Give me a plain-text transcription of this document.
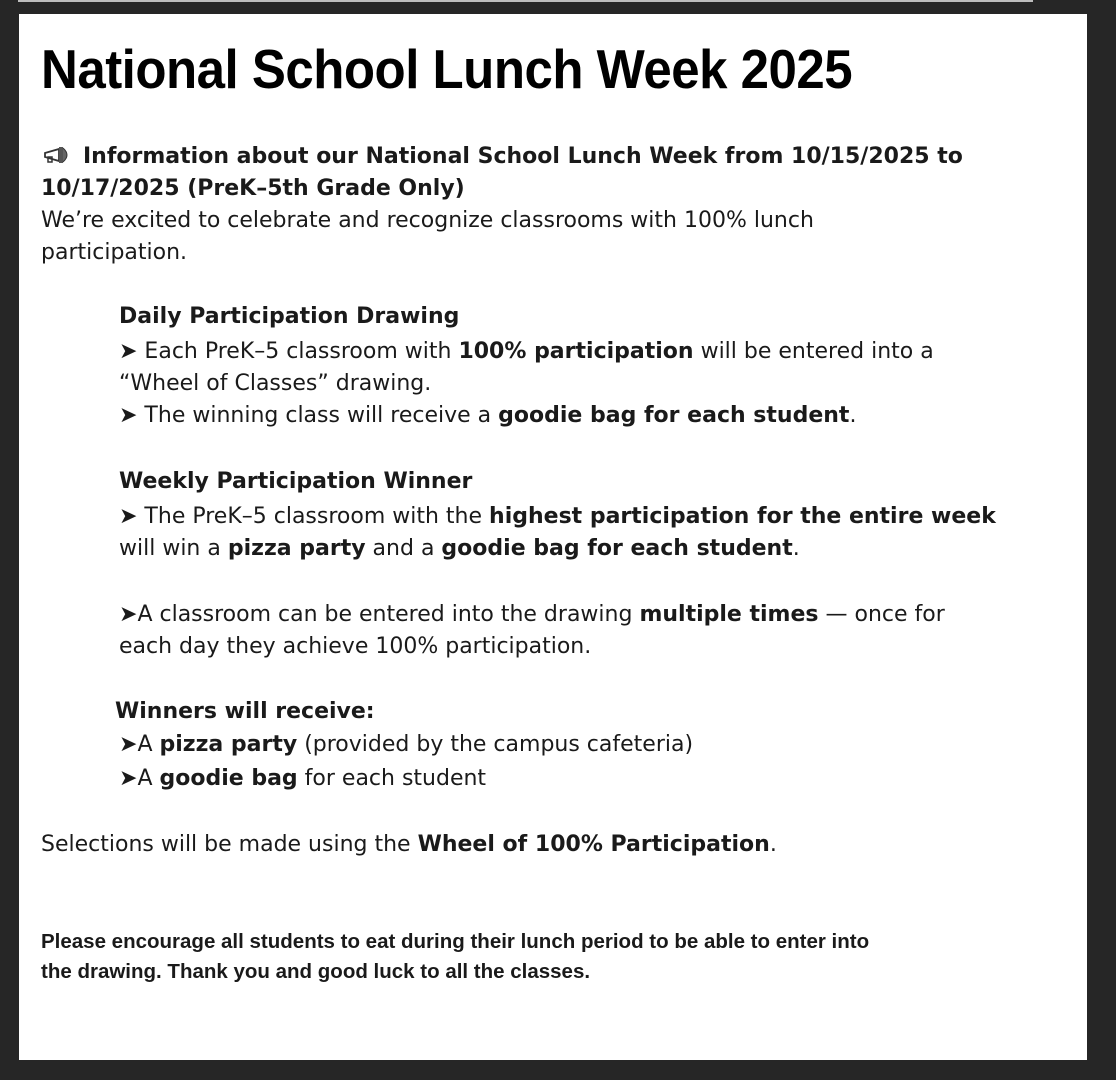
National School Lunch Week 2025
Information about our National School Lunch Week from 10/15/2025 to
10/17/2025 (PreK–5th Grade Only)
We’re excited to celebrate and recognize classrooms with 100% lunch
participation.
Daily Participation Drawing
➤ Each PreK–5 classroom with 100% participation will be entered into a
“Wheel of Classes” drawing.
➤ The winning class will receive a goodie bag for each student.
Weekly Participation Winner
➤ The PreK–5 classroom with the highest participation for the entire week
will win a pizza party and a goodie bag for each student.
➤A classroom can be entered into the drawing multiple times — once for
each day they achieve 100% participation.
Winners will receive:
➤A pizza party (provided by the campus cafeteria)
➤A goodie bag for each student
Selections will be made using the Wheel of 100% Participation.
Please encourage all students to eat during their lunch period to be able to enter into
the drawing. Thank you and good luck to all the classes.
